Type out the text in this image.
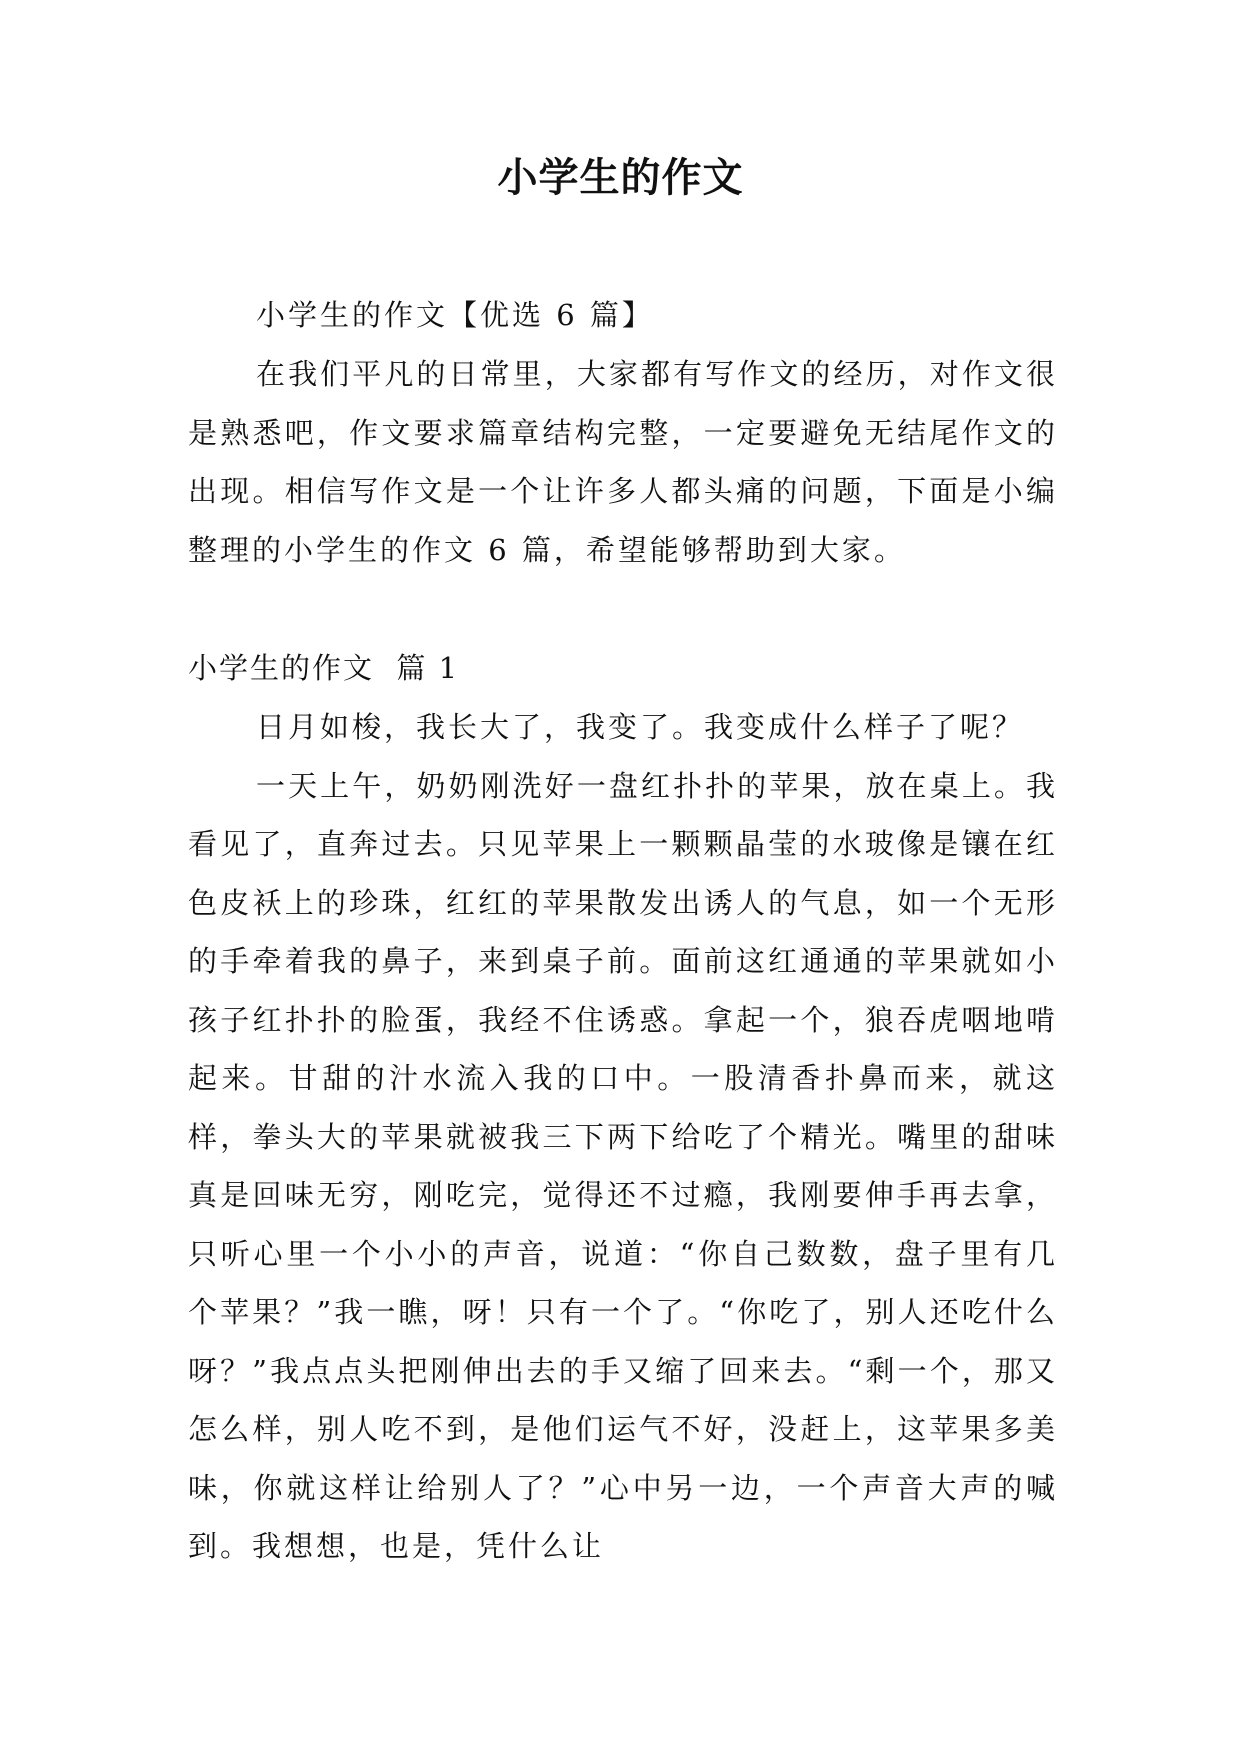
小学生的作文
小学生的作文【优选 6 篇】
在我们平凡的日常里，大家都有写作文的经历，对作文很是熟悉吧，作文要求篇章结构完整，一定要避免无结尾作文的出现。相信写作文是一个让许多人都头痛的问题，下面是小编整理的小学生的作文 6 篇，希望能够帮助到大家。
小学生的作文  篇 1

日月如梭，我长大了，我变了。我变成什么样子了呢？

一天上午，奶奶刚洗好一盘红扑扑的苹果，放在桌上。我看见了，直奔过去。只见苹果上一颗颗晶莹的水玻像是镶在红色皮袄上的珍珠，红红的苹果散发出诱人的气息，如一个无形的手牵着我的鼻子，来到桌子前。面前这红通通的苹果就如小孩子红扑扑的脸蛋，我经不住诱惑。拿起一个，狼吞虎咽地啃起来。甘甜的汁水流入我的口中。一股清香扑鼻而来，就这样，拳头大的苹果就被我三下两下给吃了个精光。嘴里的甜味真是回味无穷，刚吃完，觉得还不过瘾，我刚要伸手再去拿，只听心里一个小小的声音，说道：“你自己数数，盘子里有几个苹果？”我一瞧，呀！只有一个了。“你吃了，别人还吃什么呀？”我点点头把刚伸出去的手又缩了回来去。“剩一个，那又怎么样，别人吃不到，是他们运气不好，没赶上，这苹果多美味，你就这样让给别人了？”心中另一边，一个声音大声的喊到。我想想，也是，凭什么让
